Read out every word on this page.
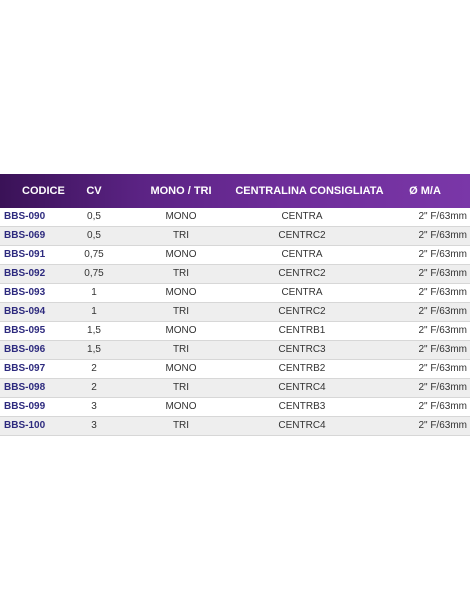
CODICE	CV	MONO / TRI	CENTRALINA CONSIGLIATA	Ø M/A
BBS-090	0,5	MONO	CENTRA	2" F/63mm
BBS-069	0,5	TRI	CENTRC2	2" F/63mm
BBS-091	0,75	MONO	CENTRA	2" F/63mm
BBS-092	0,75	TRI	CENTRC2	2" F/63mm
BBS-093	1	MONO	CENTRA	2" F/63mm
BBS-094	1	TRI	CENTRC2	2" F/63mm
BBS-095	1,5	MONO	CENTRB1	2" F/63mm
BBS-096	1,5	TRI	CENTRC3	2" F/63mm
BBS-097	2	MONO	CENTRB2	2" F/63mm
BBS-098	2	TRI	CENTRC4	2" F/63mm
BBS-099	3	MONO	CENTRB3	2" F/63mm
BBS-100	3	TRI	CENTRC4	2" F/63mm
